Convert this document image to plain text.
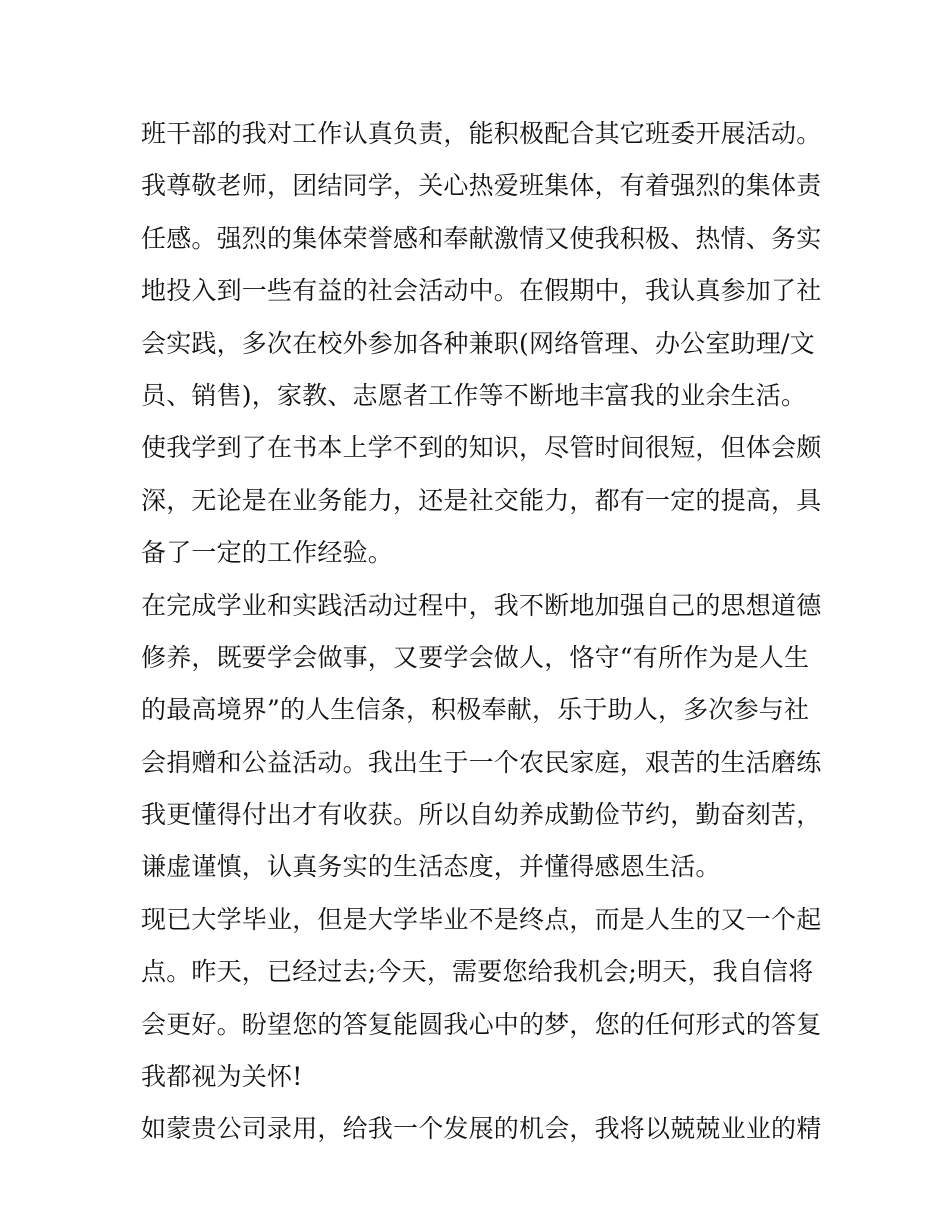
班干部的我对工作认真负责，能积极配合其它班委开展活动。
我尊敬老师，团结同学，关心热爱班集体，有着强烈的集体责
任感。强烈的集体荣誉感和奉献激情又使我积极、热情、务实
地投入到一些有益的社会活动中。在假期中，我认真参加了社
会实践，多次在校外参加各种兼职(网络管理、办公室助理/文
员、销售)，家教、志愿者工作等不断地丰富我的业余生活。
使我学到了在书本上学不到的知识，尽管时间很短，但体会颇
深，无论是在业务能力，还是社交能力，都有一定的提高，具
备了一定的工作经验。
在完成学业和实践活动过程中，我不断地加强自己的思想道德
修养，既要学会做事，又要学会做人，恪守“有所作为是人生
的最高境界”的人生信条，积极奉献，乐于助人，多次参与社
会捐赠和公益活动。我出生于一个农民家庭，艰苦的生活磨练
我更懂得付出才有收获。所以自幼养成勤俭节约，勤奋刻苦，
谦虚谨慎，认真务实的生活态度，并懂得感恩生活。
现已大学毕业，但是大学毕业不是终点，而是人生的又一个起
点。昨天，已经过去;今天，需要您给我机会;明天，我自信将
会更好。盼望您的答复能圆我心中的梦，您的任何形式的答复
我都视为关怀!
如蒙贵公司录用，给我一个发展的机会，我将以兢兢业业的精
